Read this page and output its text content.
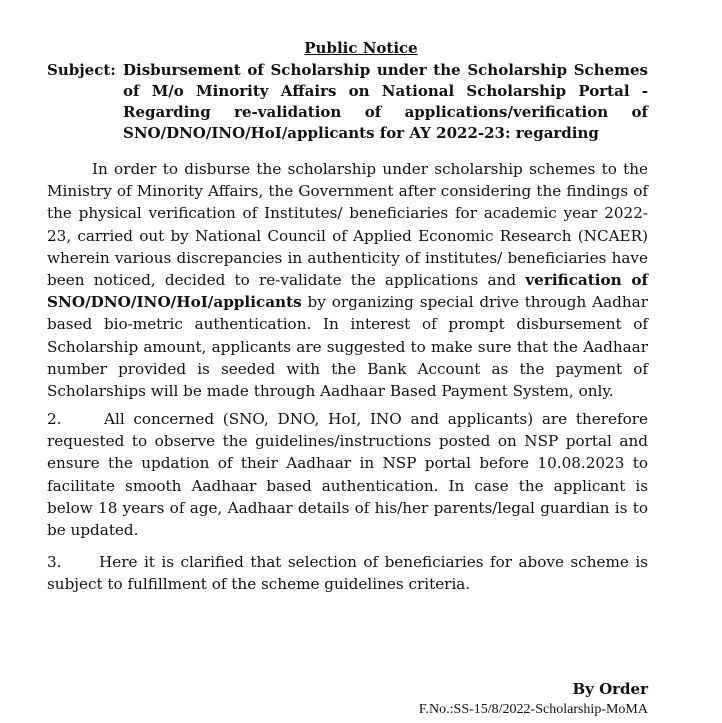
Public Notice
Subject: Disbursement of Scholarship under the Scholarship Schemes of M/o Minority Affairs on National Scholarship Portal - Regarding re-validation of applications/verification of SNO/DNO/INO/HoI/applicants for AY 2022-23: regarding
In order to disburse the scholarship under scholarship schemes to the Ministry of Minority Affairs, the Government after considering the findings of the physical verification of Institutes/ beneficiaries for academic year 2022-23, carried out by National Council of Applied Economic Research (NCAER) wherein various discrepancies in authenticity of institutes/ beneficiaries have been noticed, decided to re-validate the applications and verification of SNO/DNO/INO/HoI/applicants by organizing special drive through Aadhar based bio-metric authentication. In interest of prompt disbursement of Scholarship amount, applicants are suggested to make sure that the Aadhaar number provided is seeded with the Bank Account as the payment of Scholarships will be made through Aadhaar Based Payment System, only.
2.	All concerned (SNO, DNO, HoI, INO and applicants) are therefore requested to observe the guidelines/instructions posted on NSP portal and ensure the updation of their Aadhaar in NSP portal before 10.08.2023 to facilitate smooth Aadhaar based authentication. In case the applicant is below 18 years of age, Aadhaar details of his/her parents/legal guardian is to be updated.
3. Here it is clarified that selection of beneficiaries for above scheme is subject to fulfillment of the scheme guidelines criteria.
By Order
F.No.:SS-15/8/2022-Scholarship-MoMA
